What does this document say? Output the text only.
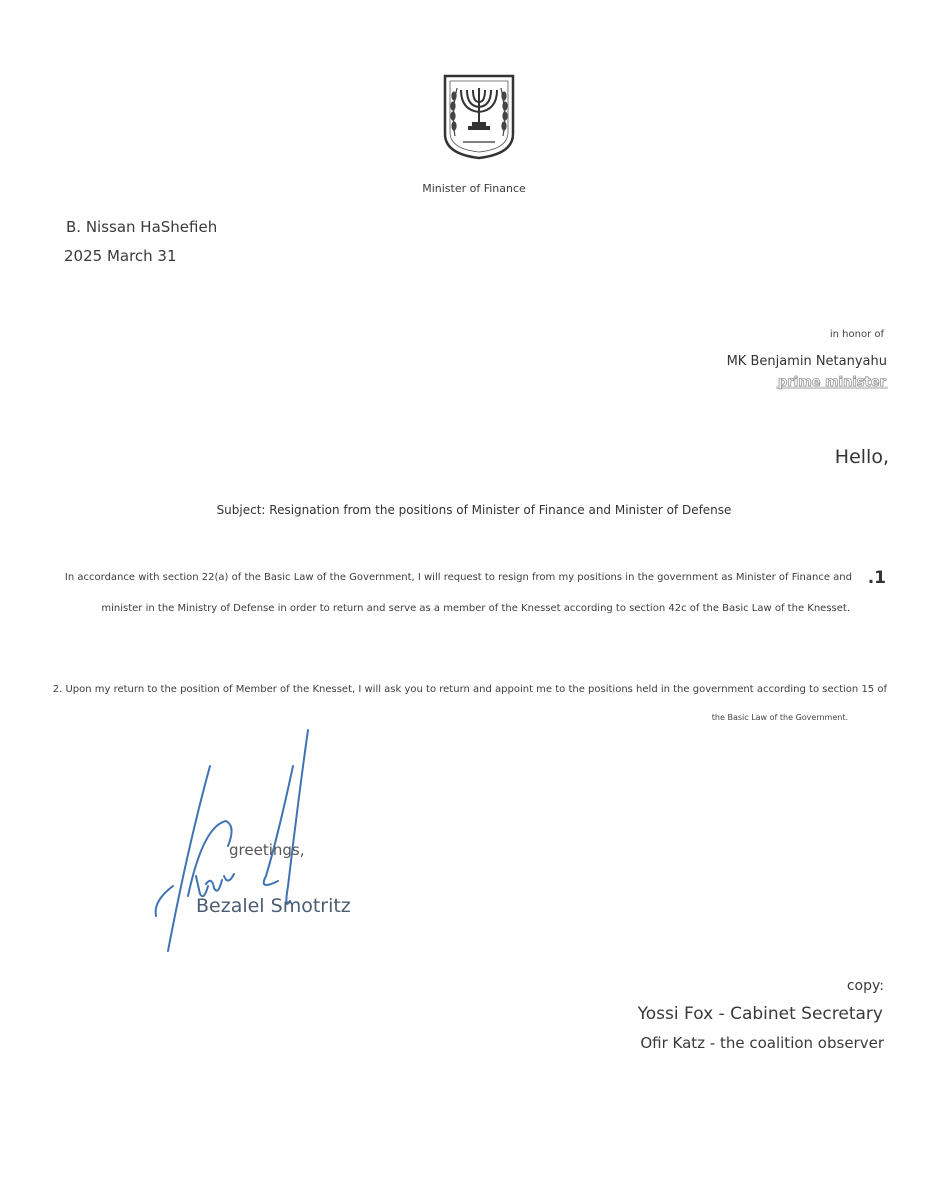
Minister of Finance
B. Nissan HaShefieh
2025 March 31
in honor of
MK Benjamin Netanyahu
prime minister
Hello,
Subject: Resignation from the positions of Minister of Finance and Minister of Defense
In accordance with section 22(a) of the Basic Law of the Government, I will request to resign from my positions in the government as Minister of Finance and .1
minister in the Ministry of Defense in order to return and serve as a member of the Knesset according to section 42c of the Basic Law of the Knesset.
2. Upon my return to the position of Member of the Knesset, I will ask you to return and appoint me to the positions held in the government according to section 15 of
the Basic Law of the Government.
greetings,
Bezalel Smotritz
copy:
Yossi Fox - Cabinet Secretary
Ofir Katz - the coalition observer
